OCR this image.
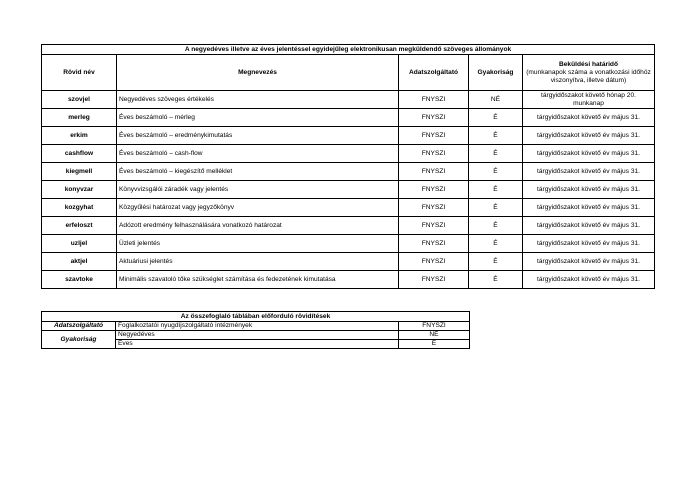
A negyedéves illetve az éves jelentéssel egyidejűleg elektronikusan megküldendő szöveges állományok				
Rövid név	Megnevezés	Adatszolgáltató	Gyakoriság	Beküldési határidő
(munkanapok száma a vonatkozási időhöz viszonyítva, illetve dátum)

szovjel	Negyedéves szöveges értékelés	FNYSZI	NÉ	tárgyidőszakot követő hónap 20.
munkanap

merleg	Éves beszámoló – mérleg	FNYSZI	É	tárgyidőszakot követő év május 31.

erkim	Éves beszámoló – eredménykimutatás	FNYSZI	É	tárgyidőszakot követő év május 31.

cashflow	Éves beszámoló – cash-flow	FNYSZI	É	tárgyidőszakot követő év május 31.

kiegmell	Éves beszámoló – kiegészítő melléklet	FNYSZI	É	tárgyidőszakot követő év május 31.

konyvzar	Könyvvizsgálói záradék vagy jelentés	FNYSZI	É	tárgyidőszakot követő év május 31.

kozgyhat	Közgyűlési határozat vagy jegyzőkönyv	FNYSZI	É	tárgyidőszakot követő év május 31.

erfeloszt	Adózott eredmény felhasználására vonatkozó határozat	FNYSZI	É	tárgyidőszakot követő év május 31.

uzljel	Üzleti jelentés	FNYSZI	É	tárgyidőszakot követő év május 31.

aktjel	Aktuáriusi jelentés	FNYSZI	É	tárgyidőszakot követő év május 31.

szavtoke	Minimális szavatoló tőke szükséglet számítása és fedezetének kimutatása	FNYSZI	É	tárgyidőszakot követő év május 31.
Az összefoglaló táblában előforduló rövidítések		
Adatszolgáltató	Foglalkoztatói nyugdíjszolgáltató intézmények	FNYSZI
Gyakoriság	Negyedéves	NÉ
	Éves	É
